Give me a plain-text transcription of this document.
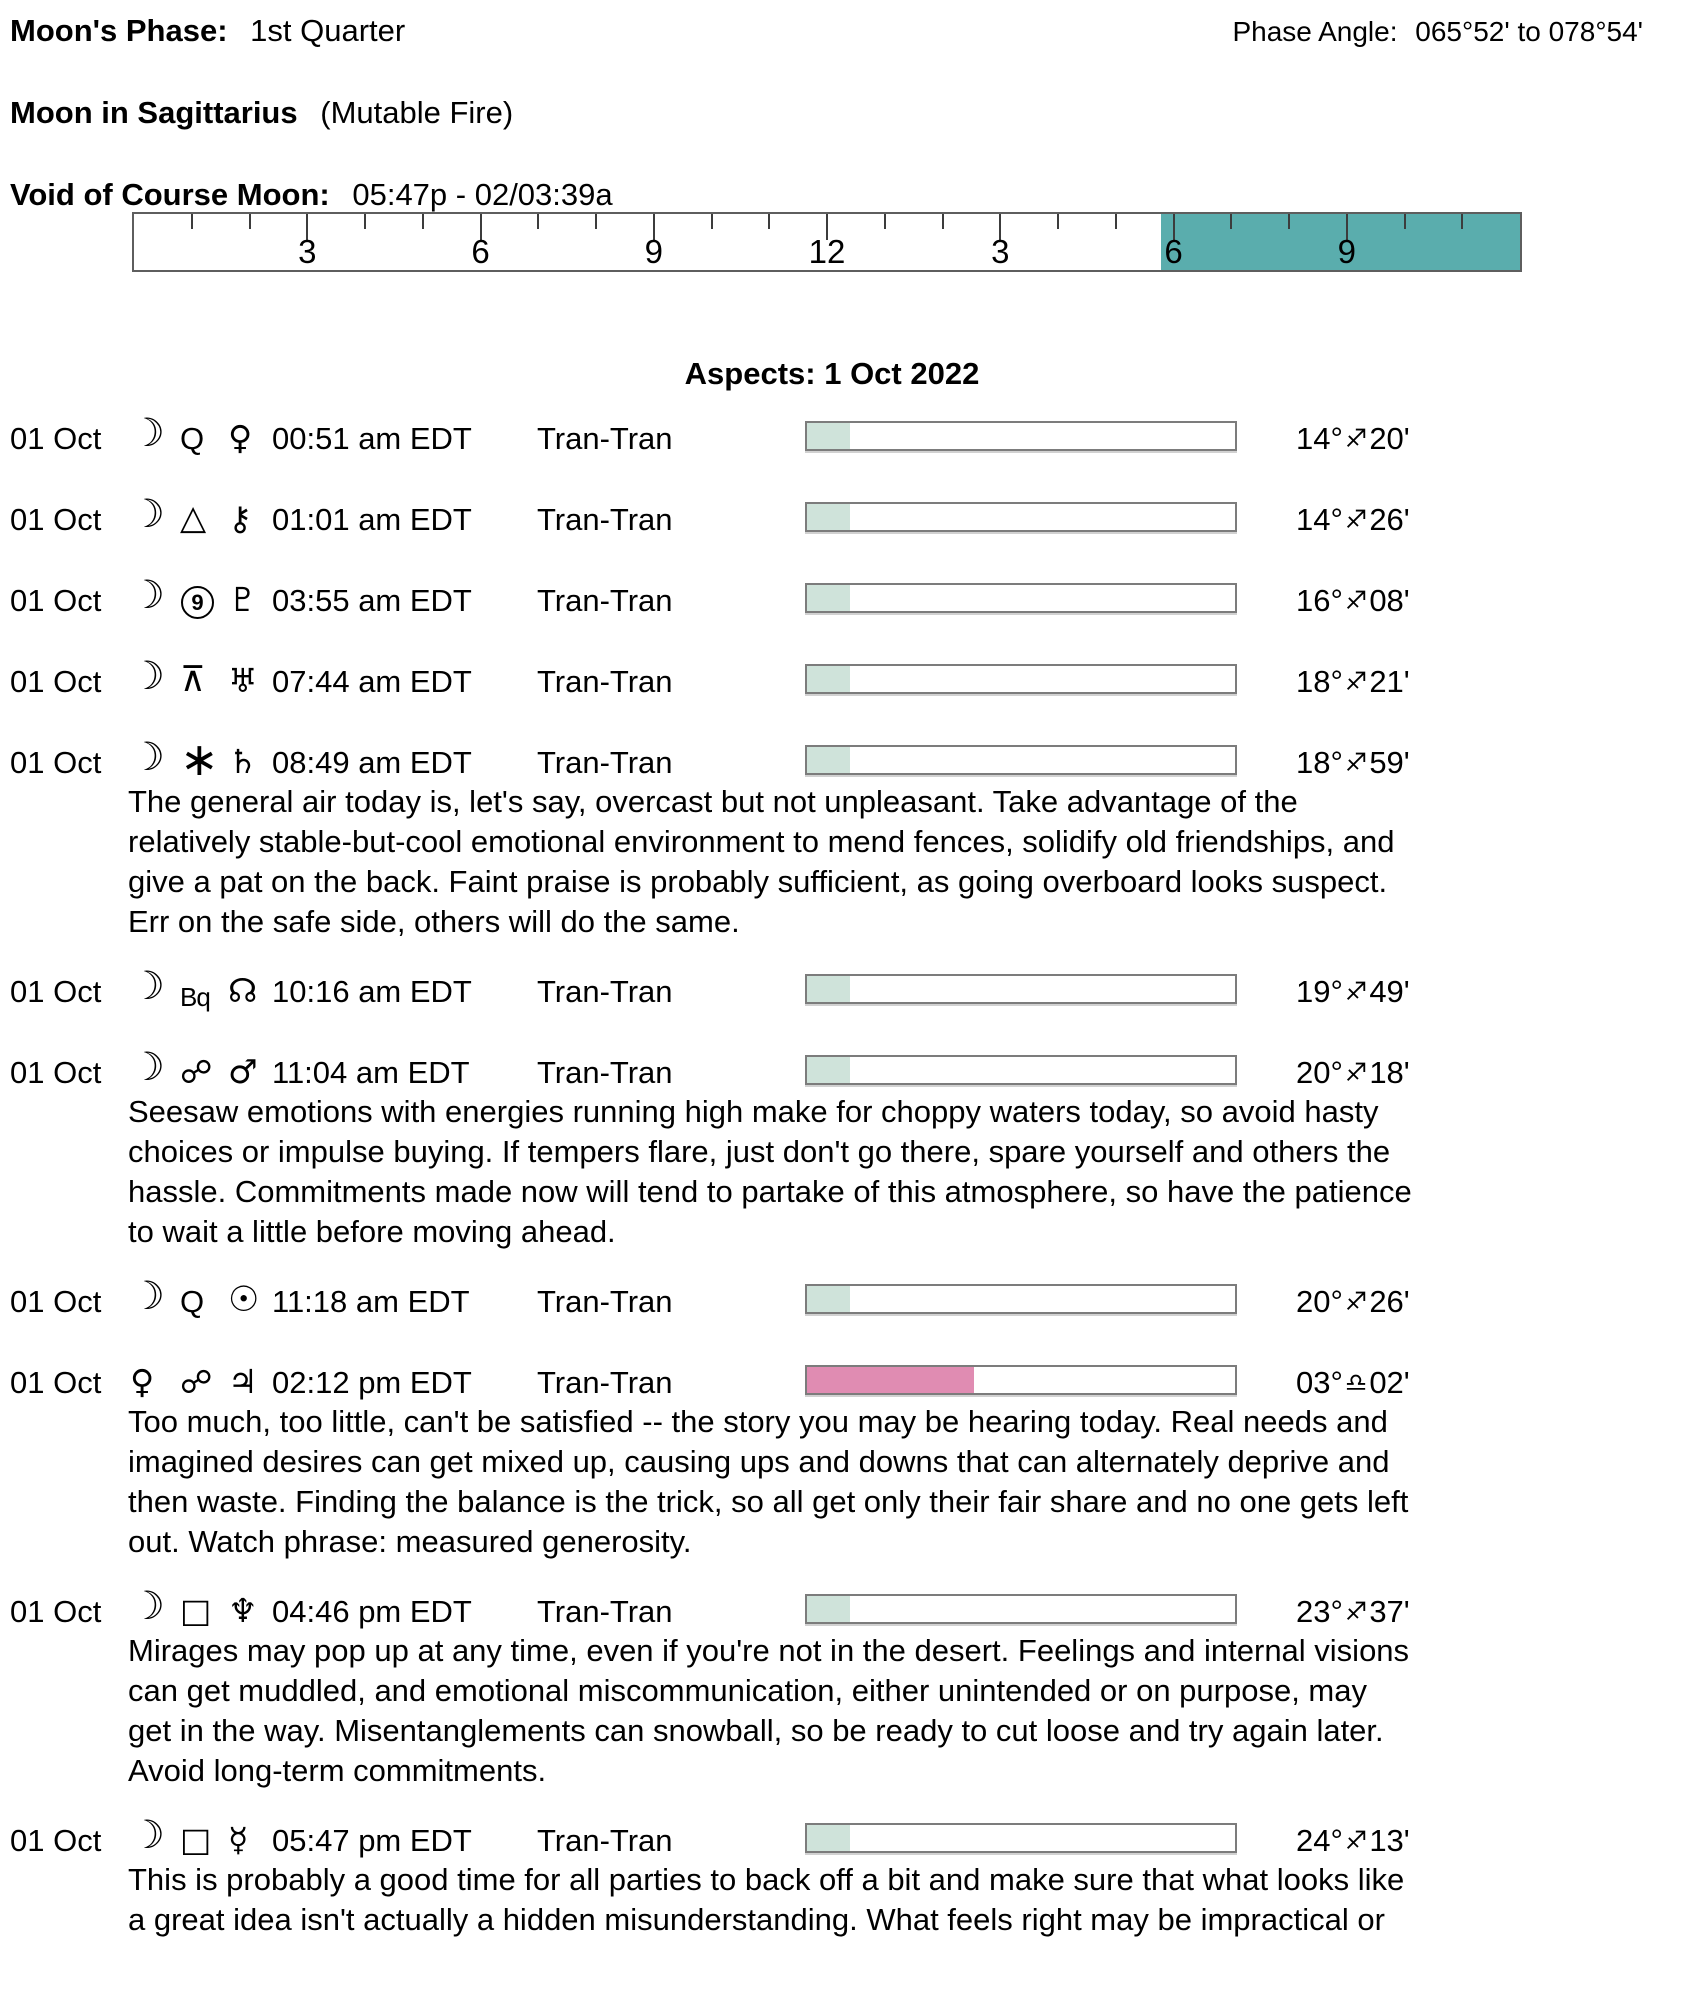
Moon's Phase: 1st Quarter	Phase Angle: 065°52' to 078°54'
Moon in Sagittarius (Mutable Fire)
Void of Course Moon: 05:47p - 02/03:39a
3	6	9	12	3	6	9
Aspects: 1 Oct 2022
01 Oct ☽ Q ♀ 00:51 am EDT Tran-Tran	14°♐20'
01 Oct ☽ △ ⚷ 01:01 am EDT Tran-Tran	14°♐26'
01 Oct ☽	9 ♇ 03:55 am EDT Tran-Tran	16°♐08'
01 Oct ☽ ⊼ ♅ 07:44 am EDT Tran-Tran	18°♐21'
01 Oct ☽ ∗ ♄ 08:49 am EDT Tran-Tran	18°♐59'
The general air today is, let's say, overcast but not unpleasant. Take advantage of the
relatively stable-but-cool emotional environment to mend fences, solidify old friendships, and
give a pat on the back. Faint praise is probably sufficient, as going overboard looks suspect.
Err on the safe side, others will do the same.
01 Oct ☽ Bq ☊ 10:16 am EDT Tran-Tran	19°♐49'
01 Oct ☽ ☍ ♂ 11:04 am EDT Tran-Tran	20°♐18'
Seesaw emotions with energies running high make for choppy waters today, so avoid hasty
choices or impulse buying. If tempers flare, just don't go there, spare yourself and others the
hassle. Commitments made now will tend to partake of this atmosphere, so have the patience
to wait a little before moving ahead.
01 Oct ☽ Q ☉ 11:18 am EDT Tran-Tran	20°♐26'
01 Oct ♀ ☍ ♃ 02:12 pm EDT Tran-Tran	03°♎02'
Too much, too little, can't be satisfied -- the story you may be hearing today. Real needs and
imagined desires can get mixed up, causing ups and downs that can alternately deprive and
then waste. Finding the balance is the trick, so all get only their fair share and no one gets left
out. Watch phrase: measured generosity.
01 Oct ☽ □ ♆ 04:46 pm EDT Tran-Tran	23°♐37'
Mirages may pop up at any time, even if you're not in the desert. Feelings and internal visions
can get muddled, and emotional miscommunication, either unintended or on purpose, may
get in the way. Misentanglements can snowball, so be ready to cut loose and try again later.
Avoid long-term commitments.
01 Oct ☽ □ ☿ 05:47 pm EDT Tran-Tran	24°♐13'
This is probably a good time for all parties to back off a bit and make sure that what looks like
a great idea isn't actually a hidden misunderstanding. What feels right may be impractical or
